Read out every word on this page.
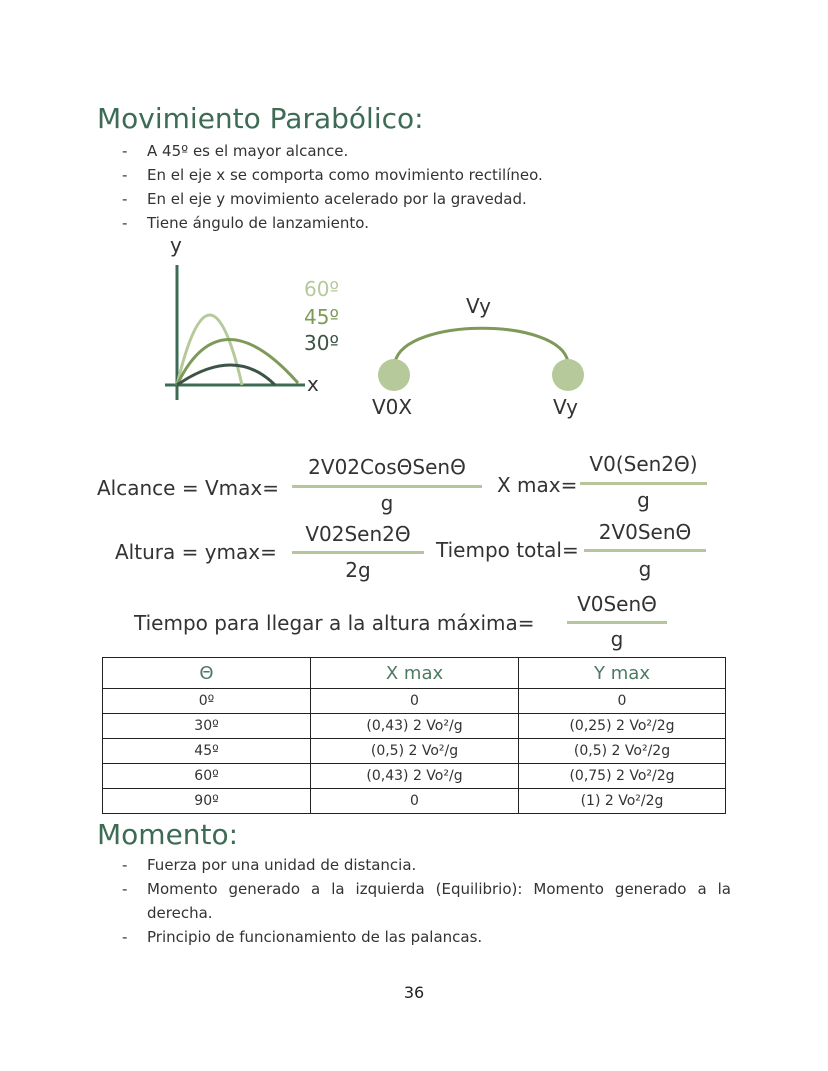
Movimiento Parabólico:
- A 45º es el mayor alcance.
- En el eje x se comporta como movimiento rectilíneo.
- En el eje y movimiento acelerado por la gravedad.
- Tiene ángulo de lanzamiento.
y
x
60º
45º
30º
Vy
V0X	Vy
Alcance = Vmax=
2V02CosΘSenΘ
g
X max=
V0(Sen2Θ)
g
Altura = ymax=
V02Sen2Θ
2g
Tiempo total=
2V0SenΘ
g
Tiempo para llegar a la altura máxima=
V0SenΘ
g
Θ	X max	Y max
0º	0	0
30º	(0,43) 2 Vo²/g	(0,25) 2 Vo²/2g
45º	(0,5) 2 Vo²/g	(0,5) 2 Vo²/2g
60º	(0,43) 2 Vo²/g	(0,75) 2 Vo²/2g
90º	0	(1) 2 Vo²/2g
Momento:
- Fuerza por una unidad de distancia.
- Momento generado a la izquierda (Equilibrio): Momento generado a la derecha.
- Principio de funcionamiento de las palancas.
36
